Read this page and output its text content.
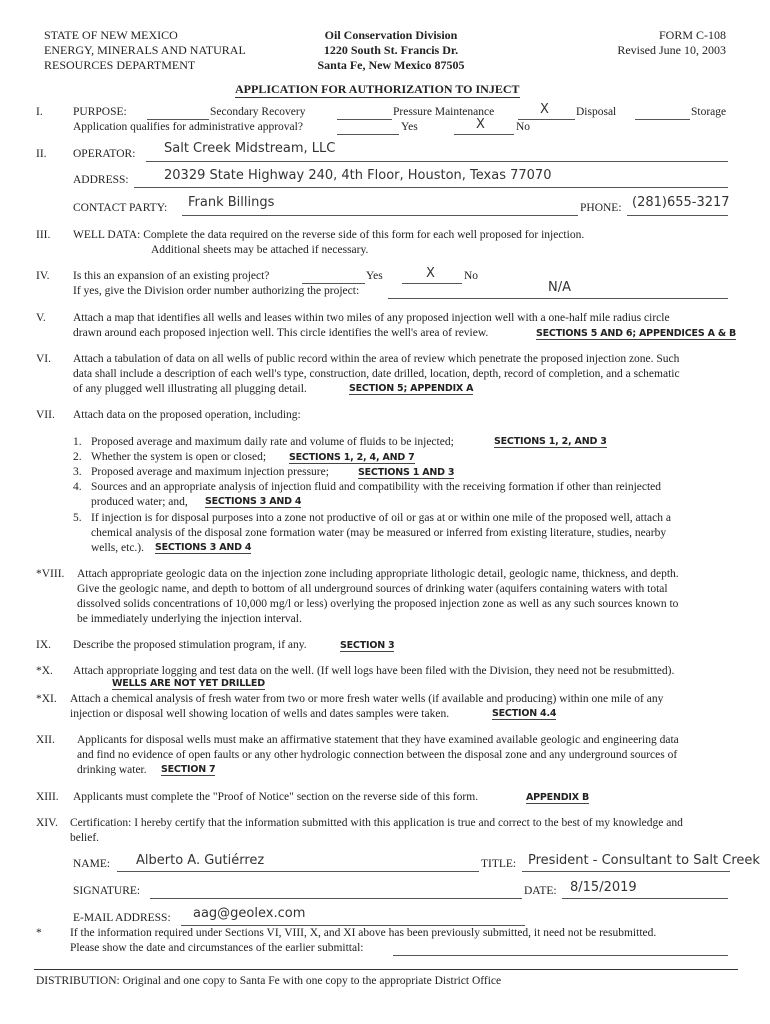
STATE OF NEW MEXICO
ENERGY, MINERALS AND NATURAL
RESOURCES DEPARTMENT
Oil Conservation Division
1220 South St. Francis Dr.
Santa Fe, New Mexico 87505
FORM C-108
Revised June 10, 2003
APPLICATION FOR AUTHORIZATION TO INJECT
I.	PURPOSE:	Secondary Recovery	Pressure Maintenance	X Disposal	Storage
Application qualifies for administrative approval?	Yes	X	No
II. OPERATOR: Salt Creek Midstream, LLC
ADDRESS:	20329 State Highway 240, 4th Floor, Houston, Texas 77070
CONTACT PARTY: Frank Billings	PHONE: (281)655-3217
III. WELL DATA: Complete the data required on the reverse side of this form for each well proposed for injection.
Additional sheets may be attached if necessary.
IV. Is this an expansion of an existing project?	Yes	X	No
If yes, give the Division order number authorizing the project:	N/A
V. Attach a map that identifies all wells and leases within two miles of any proposed injection well with a one-half mile radius circle
drawn around each proposed injection well. This circle identifies the well's area of review.	SECTIONS 5 AND 6; APPENDICES A & B
VI. Attach a tabulation of data on all wells of public record within the area of review which penetrate the proposed injection zone. Such
data shall include a description of each well's type, construction, date drilled, location, depth, record of completion, and a schematic
of any plugged well illustrating all plugging detail.	SECTION 5; APPENDIX A
VII. Attach data on the proposed operation, including:
1. Proposed average and maximum daily rate and volume of fluids to be injected;	SECTIONS 1, 2, AND 3
2. Whether the system is open or closed; SECTIONS 1, 2, 4, AND 7
3. Proposed average and maximum injection pressure;	SECTIONS 1 AND 3
4. Sources and an appropriate analysis of injection fluid and compatibility with the receiving formation if other than reinjected
produced water; and, SECTIONS 3 AND 4
5. If injection is for disposal purposes into a zone not productive of oil or gas at or within one mile of the proposed well, attach a
chemical analysis of the disposal zone formation water (may be measured or inferred from existing literature, studies, nearby
wells, etc.). SECTIONS 3 AND 4
*VIII. Attach appropriate geologic data on the injection zone including appropriate lithologic detail, geologic name, thickness, and depth.
Give the geologic name, and depth to bottom of all underground sources of drinking water (aquifers containing waters with total
dissolved solids concentrations of 10,000 mg/l or less) overlying the proposed injection zone as well as any such sources known to
be immediately underlying the injection interval.
IX. Describe the proposed stimulation program, if any.	SECTION 3
*X. Attach appropriate logging and test data on the well. (If well logs have been filed with the Division, they need not be resubmitted).
WELLS ARE NOT YET DRILLED
*XI. Attach a chemical analysis of fresh water from two or more fresh water wells (if available and producing) within one mile of any
injection or disposal well showing location of wells and dates samples were taken.	SECTION 4.4
XII. Applicants for disposal wells must make an affirmative statement that they have examined available geologic and engineering data
and find no evidence of open faults or any other hydrologic connection between the disposal zone and any underground sources of
drinking water. SECTION 7
XIII. Applicants must complete the "Proof of Notice" section on the reverse side of this form.	APPENDIX B
XIV. Certification: I hereby certify that the information submitted with this application is true and correct to the best of my knowledge and
belief.
NAME: Alberto A. Gutiérrez	TITLE: President - Consultant to Salt Creek
SIGNATURE:	DATE: 8/15/2019
E-MAIL ADDRESS: aag@geolex.com
* If the information required under Sections VI, VIII, X, and XI above has been previously submitted, it need not be resubmitted.
Please show the date and circumstances of the earlier submittal:
DISTRIBUTION: Original and one copy to Santa Fe with one copy to the appropriate District Office
